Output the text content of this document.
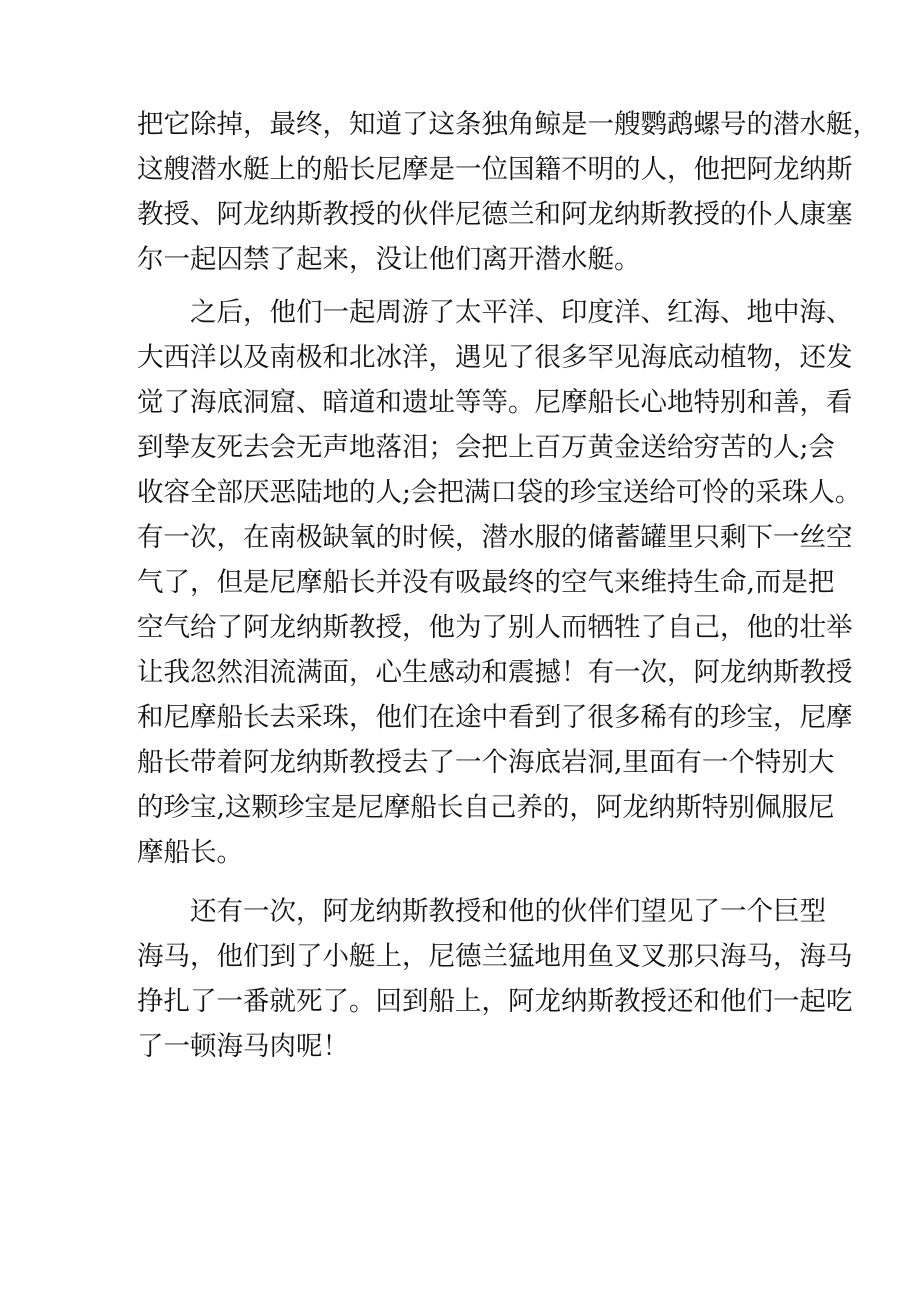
把它除掉，最终，知道了这条独角鲸是一艘鹦鹉螺号的潜水艇，
这艘潜水艇上的船长尼摩是一位国籍不明的人，他把阿龙纳斯
教授、阿龙纳斯教授的伙伴尼德兰和阿龙纳斯教授的仆人康塞
尔一起囚禁了起来，没让他们离开潜水艇。
之后，他们一起周游了太平洋、印度洋、红海、地中海、
大西洋以及南极和北冰洋，遇见了很多罕见海底动植物，还发
觉了海底洞窟、暗道和遗址等等。尼摩船长心地特别和善，看
到挚友死去会无声地落泪；会把上百万黄金送给穷苦的人;会
收容全部厌恶陆地的人;会把满口袋的珍宝送给可怜的采珠人。
有一次，在南极缺氧的时候，潜水服的储蓄罐里只剩下一丝空
气了，但是尼摩船长并没有吸最终的空气来维持生命,而是把
空气给了阿龙纳斯教授，他为了别人而牺牲了自己，他的壮举
让我忽然泪流满面，心生感动和震撼！有一次，阿龙纳斯教授
和尼摩船长去采珠，他们在途中看到了很多稀有的珍宝，尼摩
船长带着阿龙纳斯教授去了一个海底岩洞,里面有一个特别大
的珍宝,这颗珍宝是尼摩船长自己养的，阿龙纳斯特别佩服尼
摩船长。
还有一次，阿龙纳斯教授和他的伙伴们望见了一个巨型
海马，他们到了小艇上，尼德兰猛地用鱼叉叉那只海马，海马
挣扎了一番就死了。回到船上，阿龙纳斯教授还和他们一起吃
了一顿海马肉呢！
